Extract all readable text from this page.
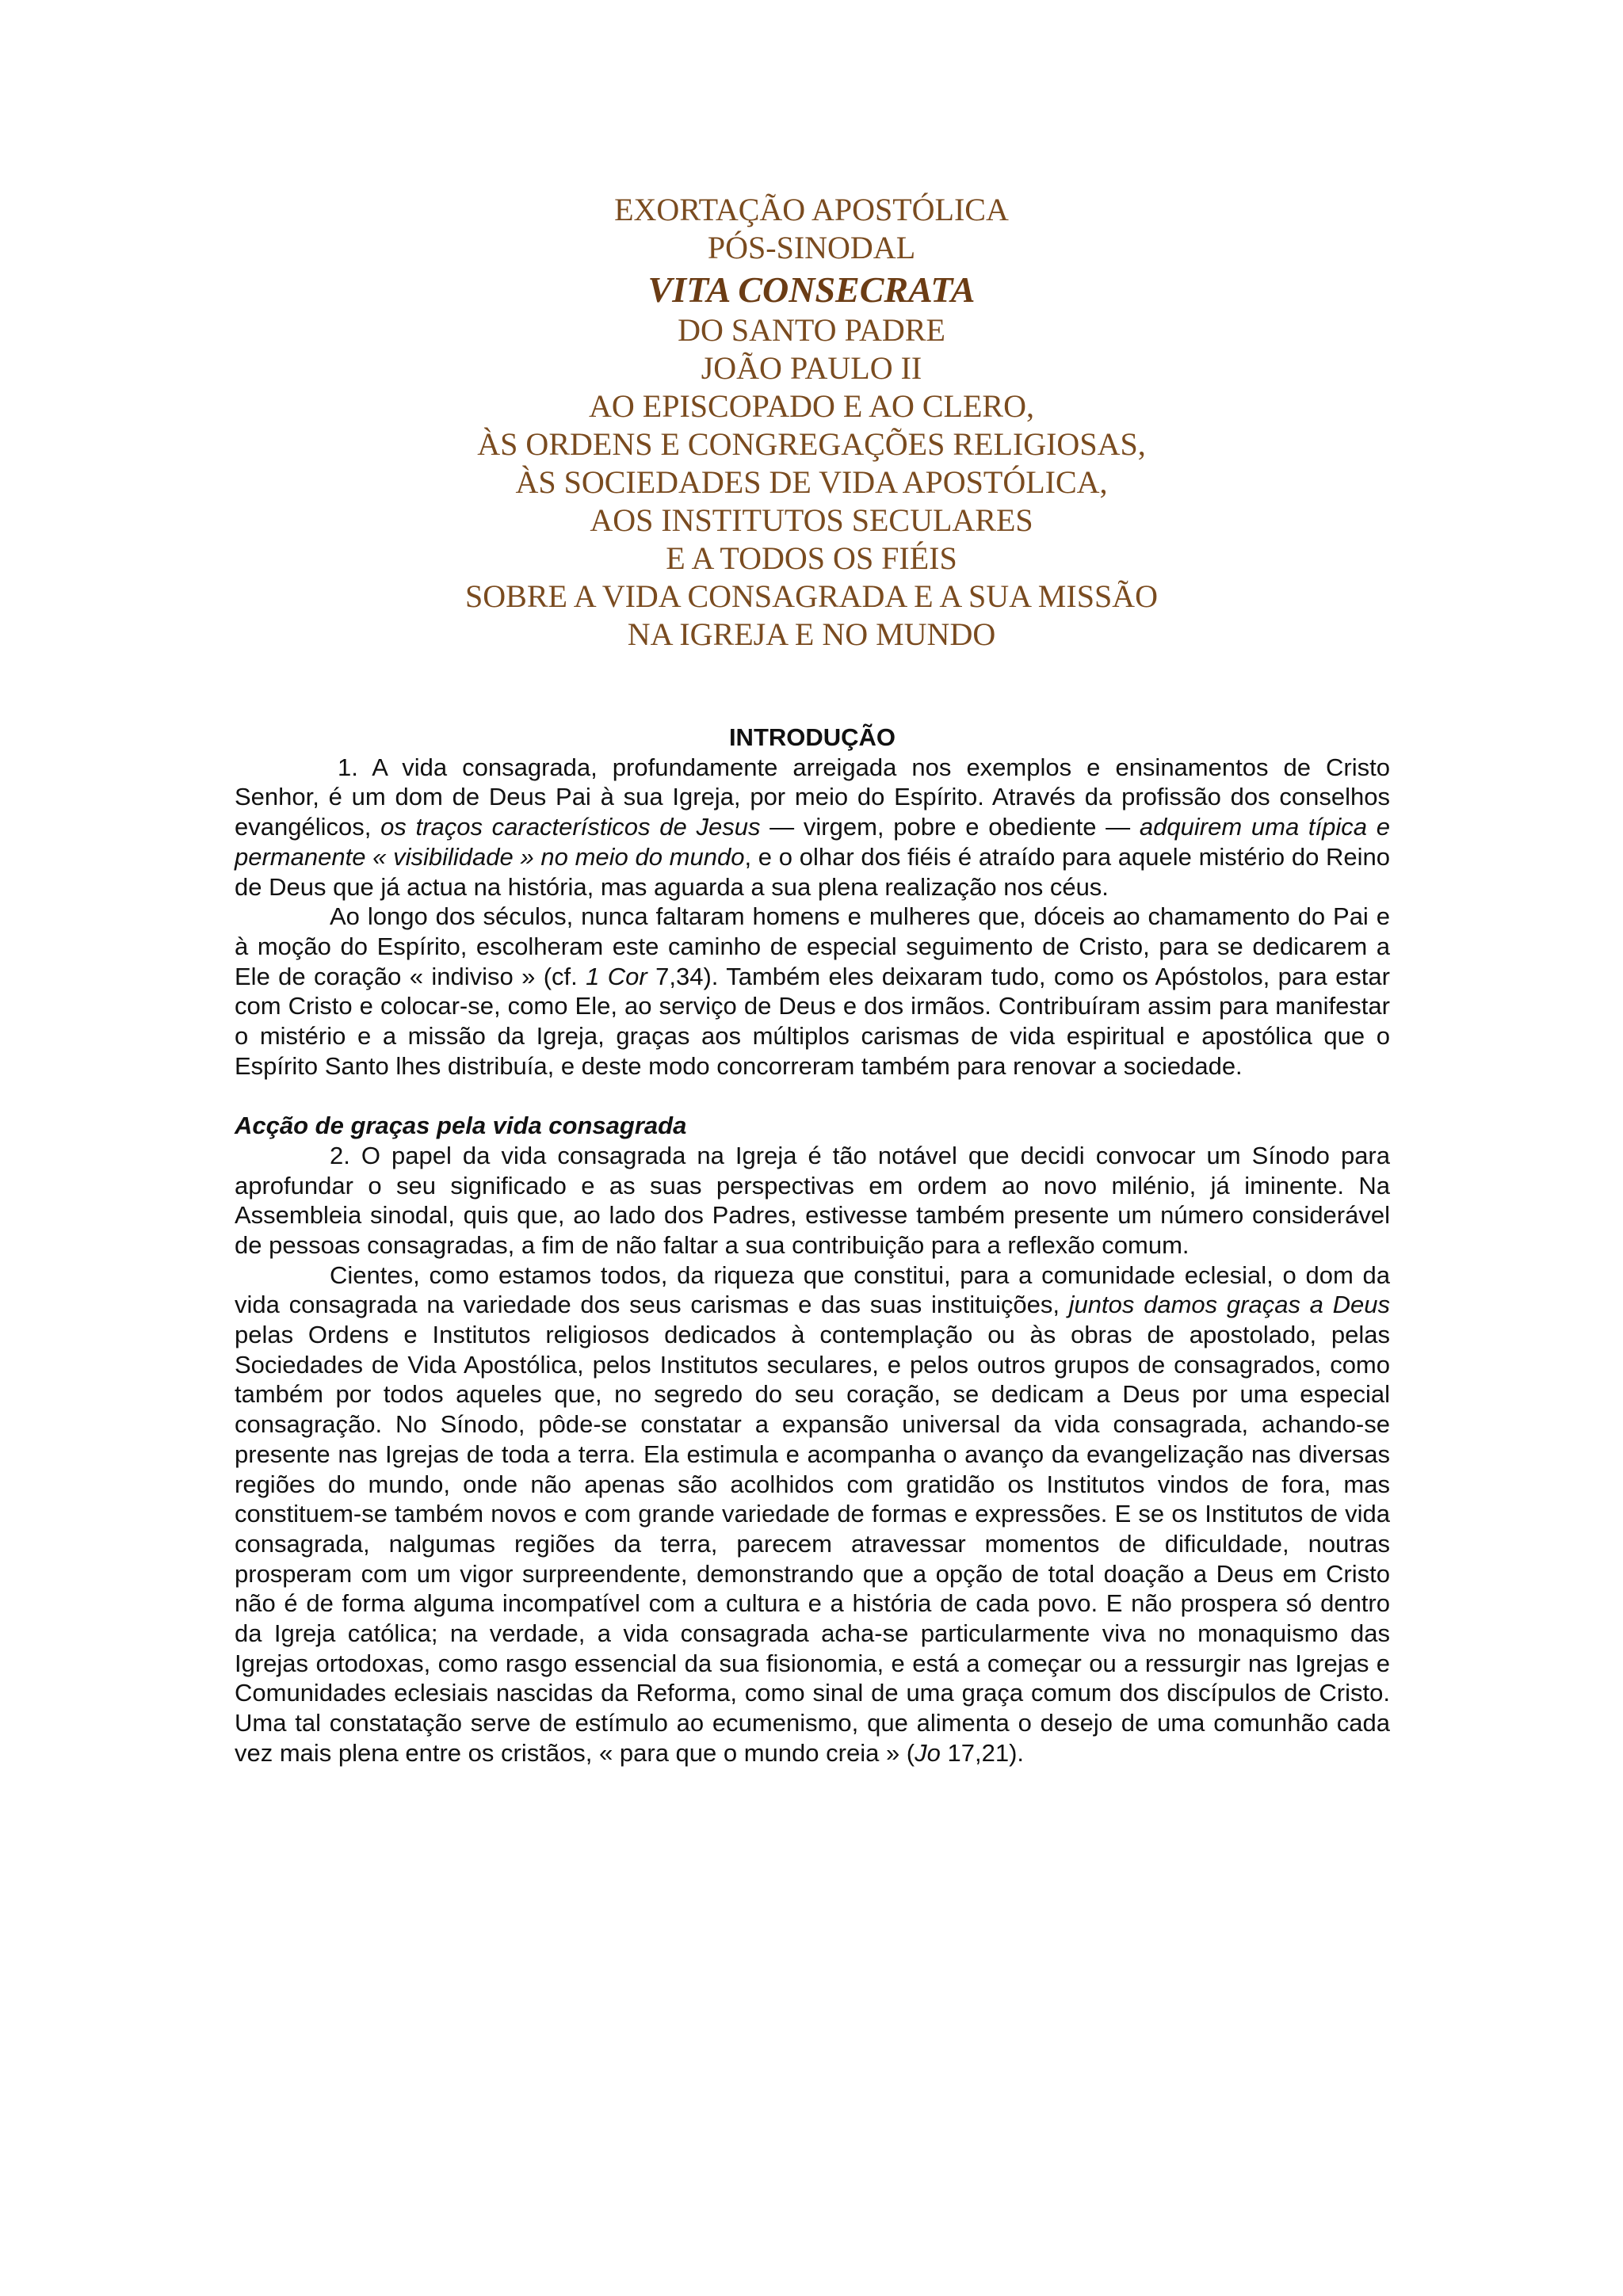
EXORTAÇÃO APOSTÓLICA
PÓS-SINODAL
VITA CONSECRATA
DO SANTO PADRE
JOÃO PAULO II
AO EPISCOPADO E AO CLERO,
ÀS ORDENS E CONGREGAÇÕES RELIGIOSAS,
ÀS SOCIEDADES DE VIDA APOSTÓLICA,
AOS INSTITUTOS SECULARES
E A TODOS OS FIÉIS
SOBRE A VIDA CONSAGRADA E A SUA MISSÃO
NA IGREJA E NO MUNDO

INTRODUÇÃO

1. A vida consagrada, profundamente arreigada nos exemplos e ensinamentos de Cristo Senhor, é um dom de Deus Pai à sua Igreja, por meio do Espírito. Através da profissão dos conselhos evangélicos, os traços característicos de Jesus — virgem, pobre e obediente — adquirem uma típica e permanente « visibilidade » no meio do mundo, e o olhar dos fiéis é atraído para aquele mistério do Reino de Deus que já actua na história, mas aguarda a sua plena realização nos céus.

Ao longo dos séculos, nunca faltaram homens e mulheres que, dóceis ao chamamento do Pai e à moção do Espírito, escolheram este caminho de especial seguimento de Cristo, para se dedicarem a Ele de coração « indiviso » (cf. 1 Cor 7,34). Também eles deixaram tudo, como os Apóstolos, para estar com Cristo e colocar-se, como Ele, ao serviço de Deus e dos irmãos. Contribuíram assim para manifestar o mistério e a missão da Igreja, graças aos múltiplos carismas de vida espiritual e apostólica que o Espírito Santo lhes distribuía, e deste modo concorreram também para renovar a sociedade.

Acção de graças pela vida consagrada

2. O papel da vida consagrada na Igreja é tão notável que decidi convocar um Sínodo para aprofundar o seu significado e as suas perspectivas em ordem ao novo milénio, já iminente. Na Assembleia sinodal, quis que, ao lado dos Padres, estivesse também presente um número considerável de pessoas consagradas, a fim de não faltar a sua contribuição para a reflexão comum.

Cientes, como estamos todos, da riqueza que constitui, para a comunidade eclesial, o dom da vida consagrada na variedade dos seus carismas e das suas instituições, juntos damos graças a Deus pelas Ordens e Institutos religiosos dedicados à contemplação ou às obras de apostolado, pelas Sociedades de Vida Apostólica, pelos Institutos seculares, e pelos outros grupos de consagrados, como também por todos aqueles que, no segredo do seu coração, se dedicam a Deus por uma especial consagração. No Sínodo, pôde-se constatar a expansão universal da vida consagrada, achando-se presente nas Igrejas de toda a terra. Ela estimula e acompanha o avanço da evangelização nas diversas regiões do mundo, onde não apenas são acolhidos com gratidão os Institutos vindos de fora, mas constituem-se também novos e com grande variedade de formas e expressões. E se os Institutos de vida consagrada, nalgumas regiões da terra, parecem atravessar momentos de dificuldade, noutras prosperam com um vigor surpreendente, demonstrando que a opção de total doação a Deus em Cristo não é de forma alguma incompatível com a cultura e a história de cada povo. E não prospera só dentro da Igreja católica; na verdade, a vida consagrada acha-se particularmente viva no monaquismo das Igrejas ortodoxas, como rasgo essencial da sua fisionomia, e está a começar ou a ressurgir nas Igrejas e Comunidades eclesiais nascidas da Reforma, como sinal de uma graça comum dos discípulos de Cristo. Uma tal constatação serve de estímulo ao ecumenismo, que alimenta o desejo de uma comunhão cada vez mais plena entre os cristãos, « para que o mundo creia » (Jo 17,21).
